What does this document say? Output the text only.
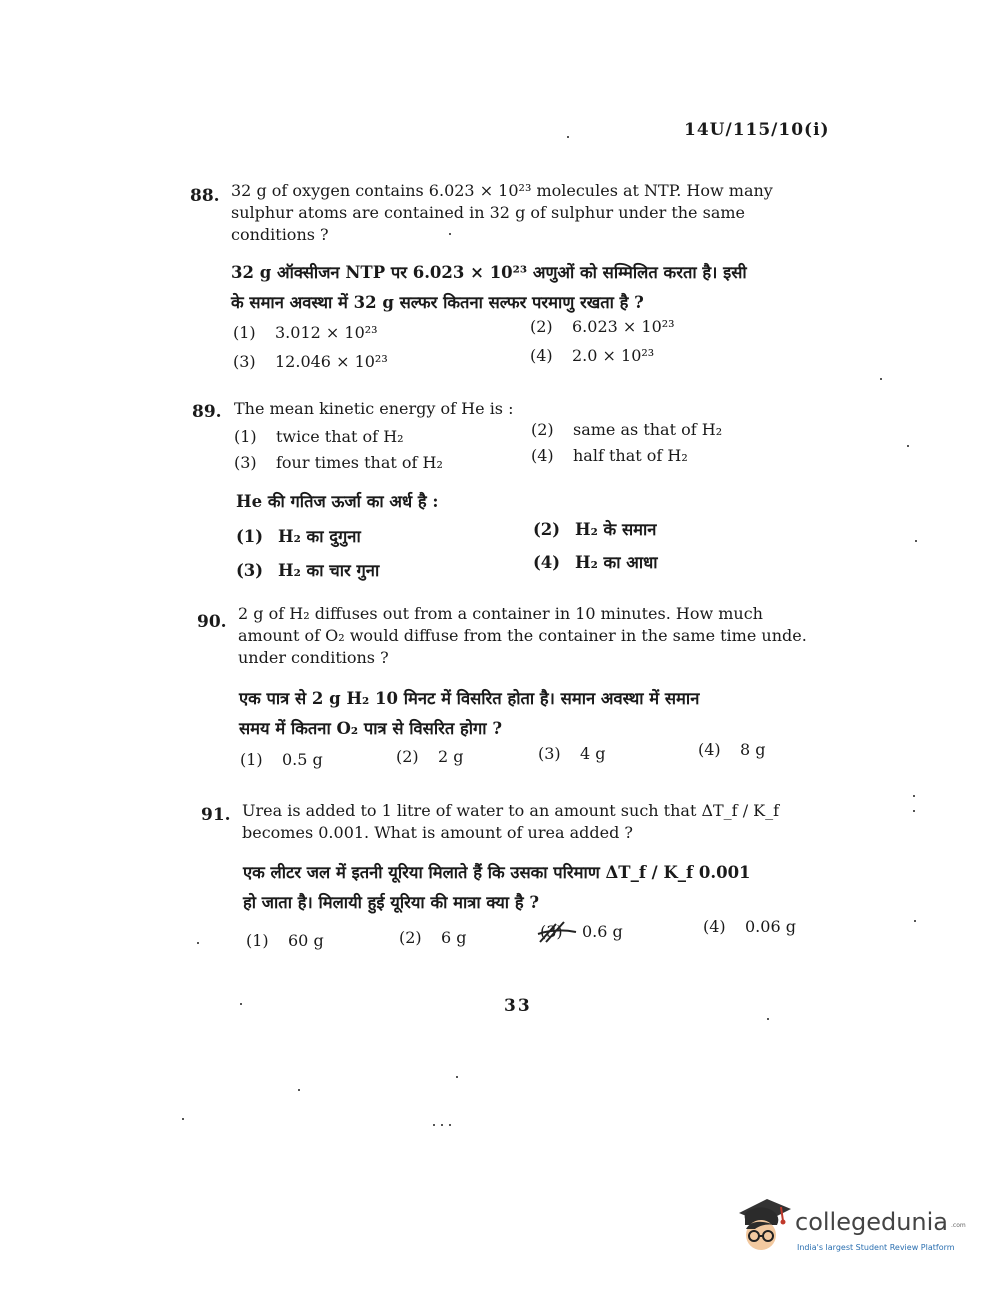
14U/115/10(i)
88. 32 g of oxygen contains 6.023 × 10²³ molecules at NTP. How many
sulphur atoms are contained in 32 g of sulphur under the same
conditions ?
32 g ऑक्सीजन NTP पर 6.023 × 10²³ अणुओं को सम्मिलित करता है। इसी
के समान अवस्था में 32 g सल्फर कितना सल्फर परमाणु रखता है ?
(1) 3.012 × 10²³	(2) 6.023 × 10²³
(3) 12.046 × 10²³	(4) 2.0 × 10²³
89. The mean kinetic energy of He is :
(1) twice that of H₂	(2) same as that of H₂
(3) four times that of H₂	(4) half that of H₂
He की गतिज ऊर्जा का अर्ध है :
(1) H₂ का दुगुना	(2) H₂ के समान
(3) H₂ का चार गुना	(4) H₂ का आधा
90. 2 g of H₂ diffuses out from a container in 10 minutes. How much
amount of O₂ would diffuse from the container in the same time unde.
under conditions ?
एक पात्र से 2 g H₂ 10 मिनट में विसरित होता है। समान अवस्था में समान
समय में कितना O₂ पात्र से विसरित होगा ?
(1) 0.5 g	(2) 2 g	(3) 4 g	(4) 8 g
91. Urea is added to 1 litre of water to an amount such that ΔT_f / K_f
becomes 0.001. What is amount of urea added ?
एक लीटर जल में इतनी यूरिया मिलाते हैं कि उसका परिमाण ΔT_f / K_f 0.001
हो जाता है। मिलायी हुई यूरिया की मात्रा क्या है ?
(1) 60 g	(2) 6 g	(3) 0.6 g	(4) 0.06 g
33
collegedunia .com
India's largest Student Review Platform
